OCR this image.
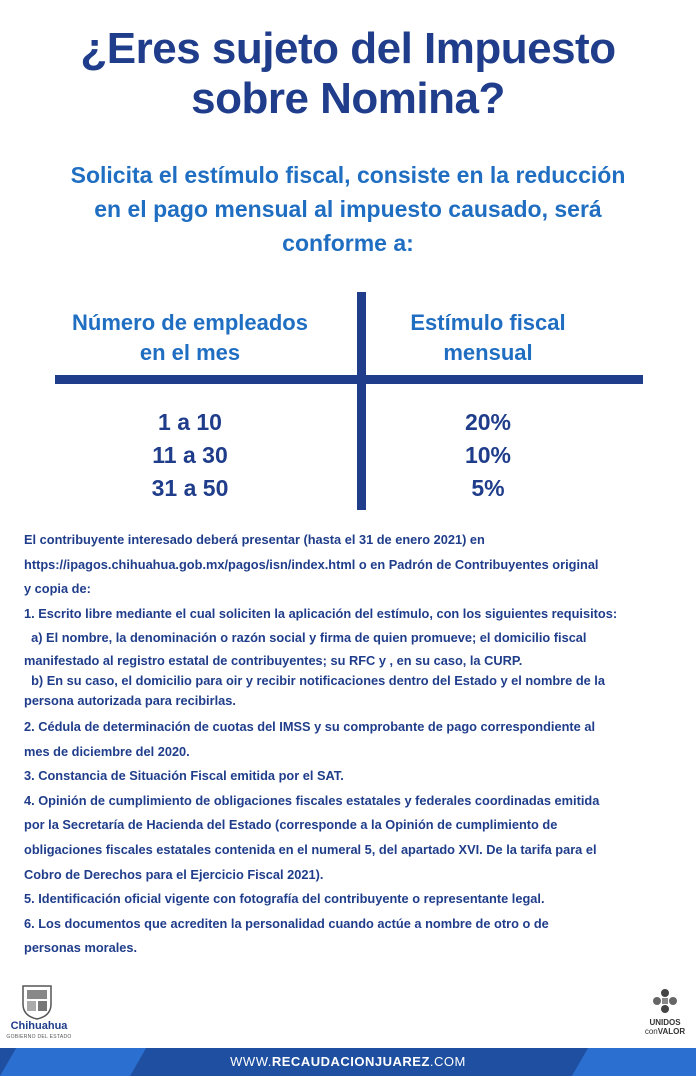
¿Eres sujeto del Impuesto
sobre Nomina?
Solicita el estímulo fiscal, consiste en la reducción
en el pago mensual al impuesto causado, será
conforme a:
Número de empleados
en el mes
Estímulo fiscal
mensual
1 a 10
11 a 30
31 a 50
20%
10%
5%

El contribuyente interesado deberá presentar (hasta el 31 de enero 2021) en

https://ipagos.chihuahua.gob.mx/pagos/isn/index.html o en Padrón de Contribuyentes original

y copia de:

1. Escrito libre mediante el cual soliciten la aplicación del estímulo, con los siguientes requisitos:

a) El nombre, la denominación o razón social y firma de quien promueve; el domicilio fiscal

manifestado al registro estatal de contribuyentes; su RFC y , en su caso, la CURP.

b) En su caso, el domicilio para oir y recibir notificaciones dentro del Estado y el nombre de la

persona autorizada para recibirlas.

2. Cédula de determinación de cuotas del IMSS y su comprobante de pago correspondiente al

mes de diciembre del 2020.

3. Constancia de Situación Fiscal emitida por el SAT.

4. Opinión de cumplimiento de obligaciones fiscales estatales y federales coordinadas emitida

por la Secretaría de Hacienda del Estado (corresponde a la Opinión de cumplimiento de

obligaciones fiscales estatales contenida en el numeral 5, del apartado XVI. De la tarifa para el

Cobro de Derechos para el Ejercicio Fiscal 2021).

5. Identificación oficial vigente con fotografía del contribuyente o representante legal.

6. Los documentos que acrediten la personalidad cuando actúe a nombre de otro o de

personas morales.

Chihuahua
GOBIERNO DEL ESTADO
UNIDOS
conVALOR
WWW.RECAUDACIONJUAREZ.COM
